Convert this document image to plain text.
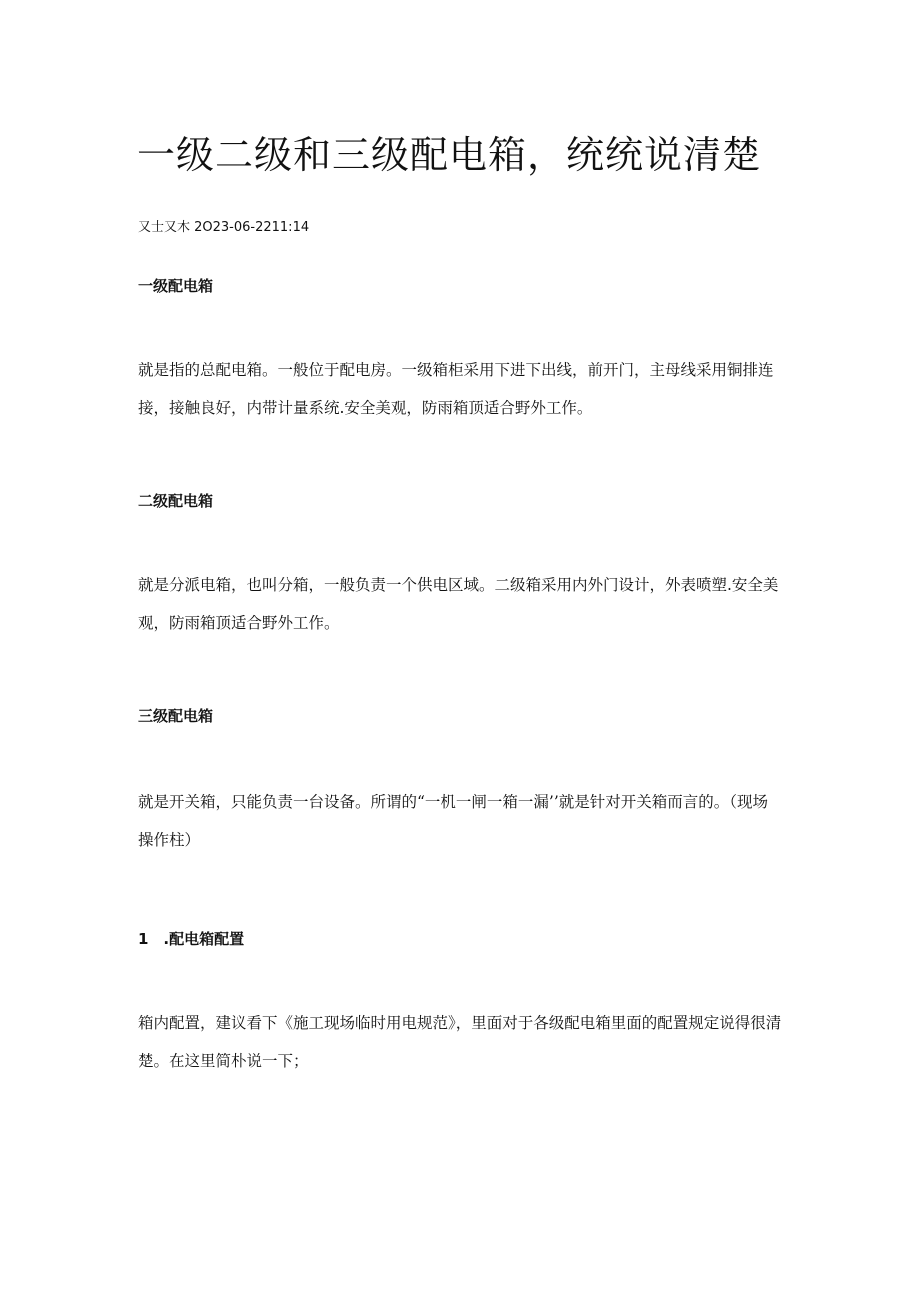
一级二级和三级配电箱，统统说清楚
又士又木 2O23-06-2211:14
一级配电箱

就是指的总配电箱。一般位于配电房。一级箱柜采用下进下出线，前开门，主母线采用铜排连接，接触良好，内带计量系统.安全美观，防雨箱顶适合野外工作。

二级配电箱

就是分派电箱，也叫分箱，一般负责一个供电区域。二级箱采用内外门设计，外表喷塑.安全美观，防雨箱顶适合野外工作。

三级配电箱

就是开关箱，只能负责一台设备。所谓的“一机一闸一箱一漏’’就是针对开关箱而言的。（现场操作柱）

1　.配电箱配置

箱内配置，建议看下《施工现场临时用电规范》，里面对于各级配电箱里面的配置规定说得很清楚。在这里简朴说一下；
